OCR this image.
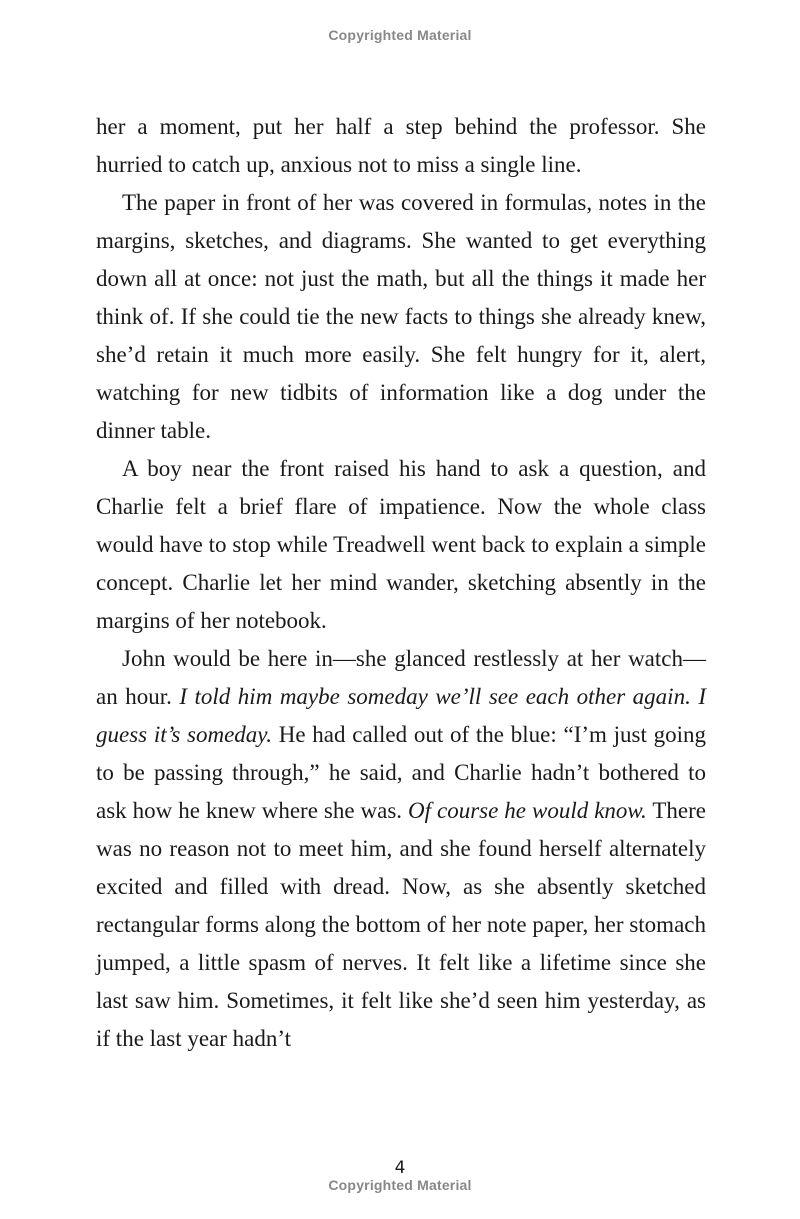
Copyrighted Material

her a moment, put her half a step behind the professor. She hurried to catch up, anxious not to miss a single line.

The paper in front of her was covered in formulas, notes in the margins, sketches, and diagrams. She wanted to get everything down all at once: not just the math, but all the things it made her think of. If she could tie the new facts to things she already knew, she’d retain it much more easily. She felt hungry for it, alert, watching for new tidbits of information like a dog under the dinner table.

A boy near the front raised his hand to ask a question, and Charlie felt a brief flare of impatience. Now the whole class would have to stop while Treadwell went back to explain a simple concept. Charlie let her mind wander, sketching absently in the margins of her notebook.

John would be here in—she glanced restlessly at her watch—an hour. I told him maybe someday we’ll see each other again. I guess it’s someday. He had called out of the blue: “I’m just going to be passing through,” he said, and Charlie hadn’t bothered to ask how he knew where she was. Of course he would know. There was no reason not to meet him, and she found herself alternately excited and filled with dread. Now, as she absently sketched rectangular forms along the bottom of her note paper, her stomach jumped, a little spasm of nerves. It felt like a lifetime since she last saw him. Sometimes, it felt like she’d seen him yesterday, as if the last year hadn’t

4
Copyrighted Material
